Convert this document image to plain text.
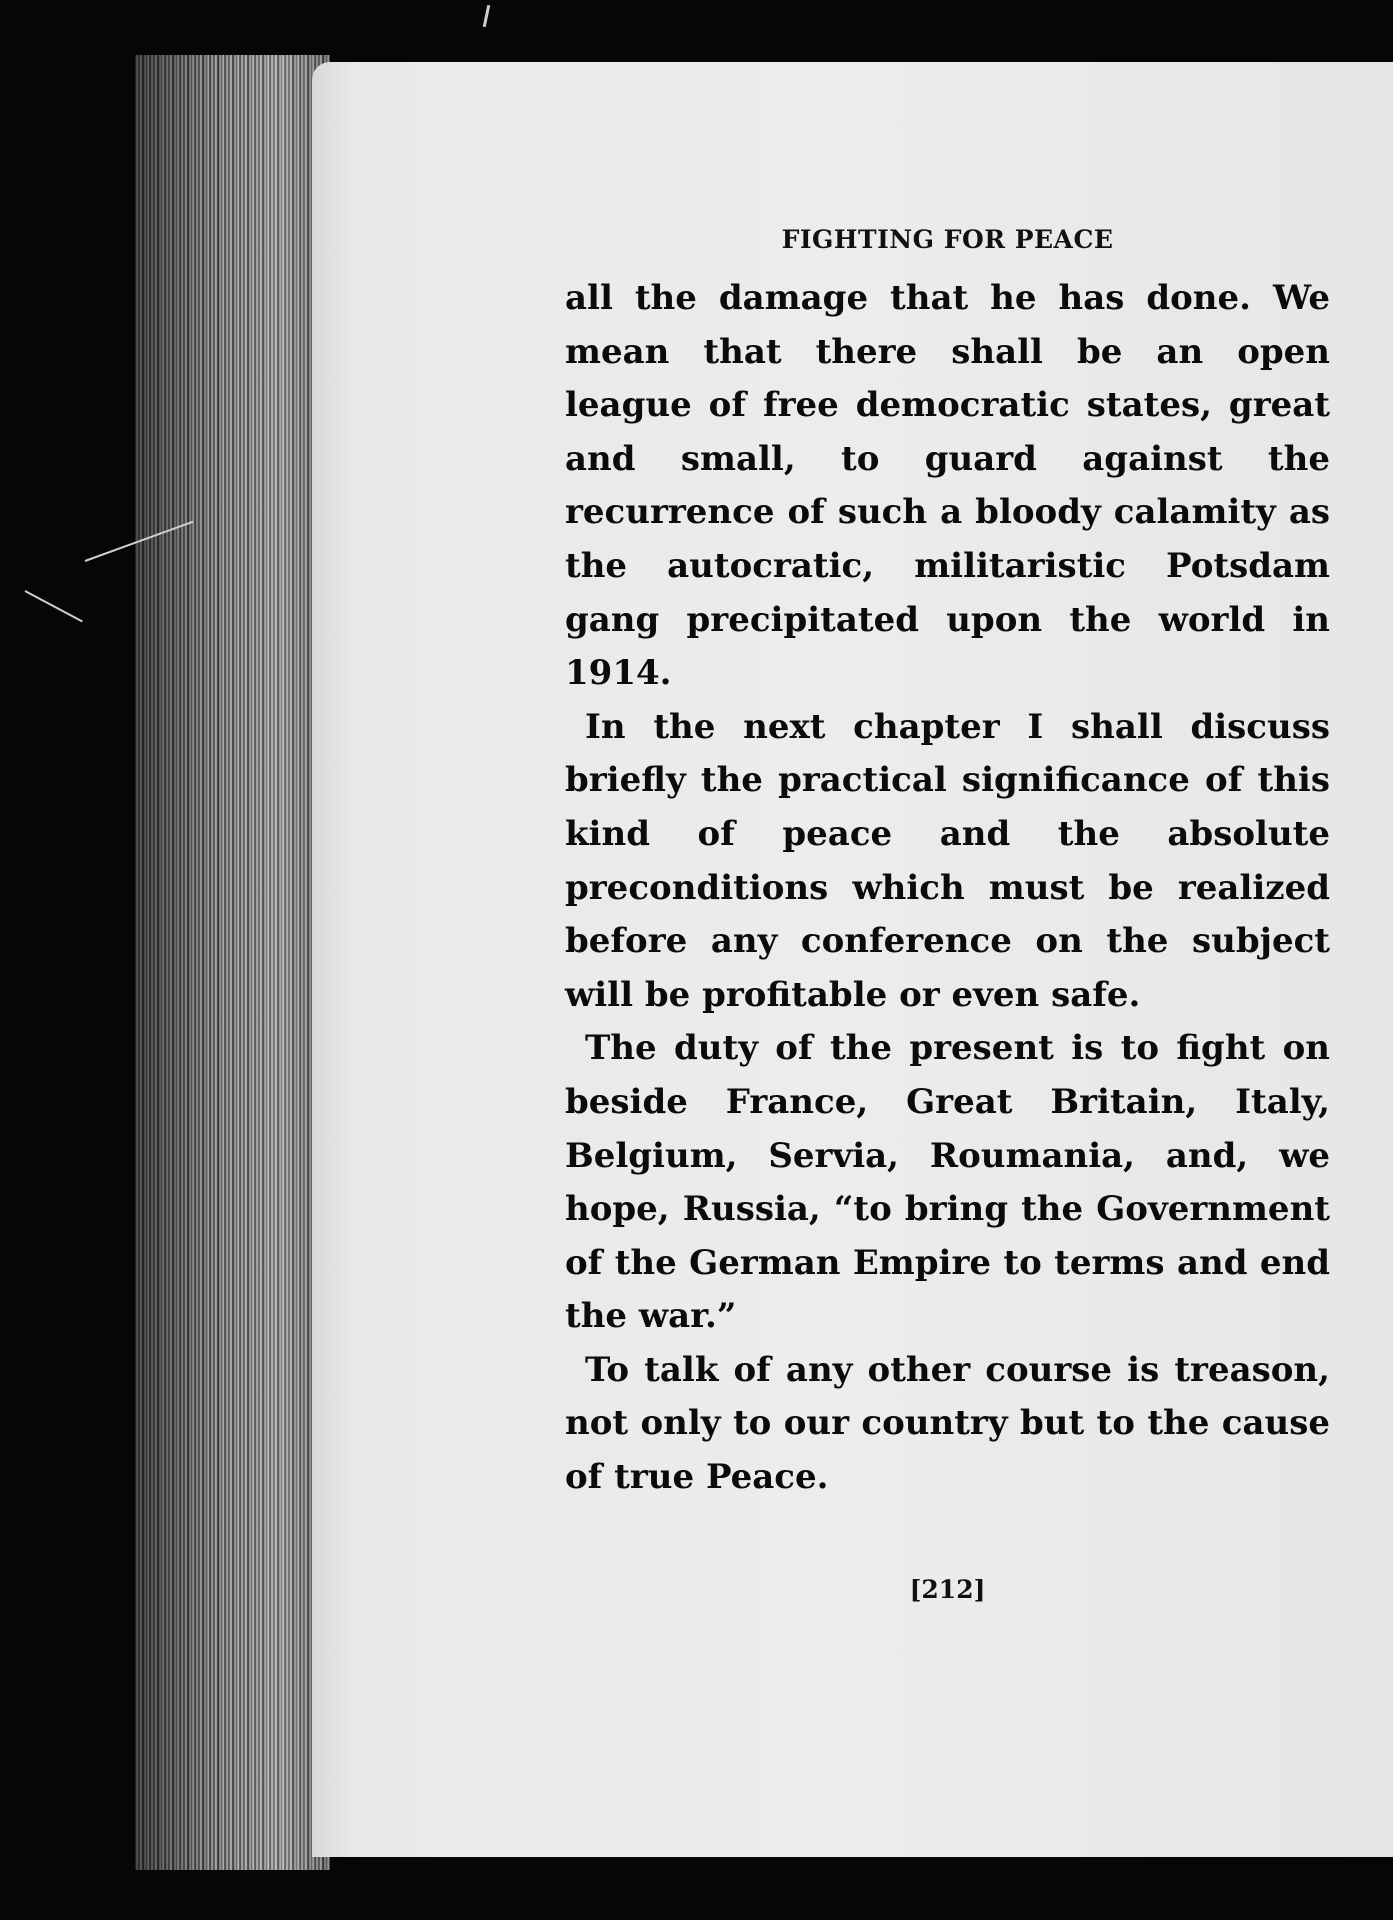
FIGHTING FOR PEACE

all the damage that he has done. We mean that there shall be an open league of free democratic states, great and small, to guard against the recurrence of such a bloody calamity as the autocratic, militaristic Potsdam gang precipitated upon the world in 1914.

In the next chapter I shall discuss briefly the practical significance of this kind of peace and the absolute preconditions which must be realized before any conference on the subject will be profitable or even safe.

The duty of the present is to fight on beside France, Great Britain, Italy, Belgium, Servia, Roumania, and, we hope, Russia, “to bring the Government of the German Empire to terms and end the war.”

To talk of any other course is treason, not only to our country but to the cause of true Peace.

[212]
